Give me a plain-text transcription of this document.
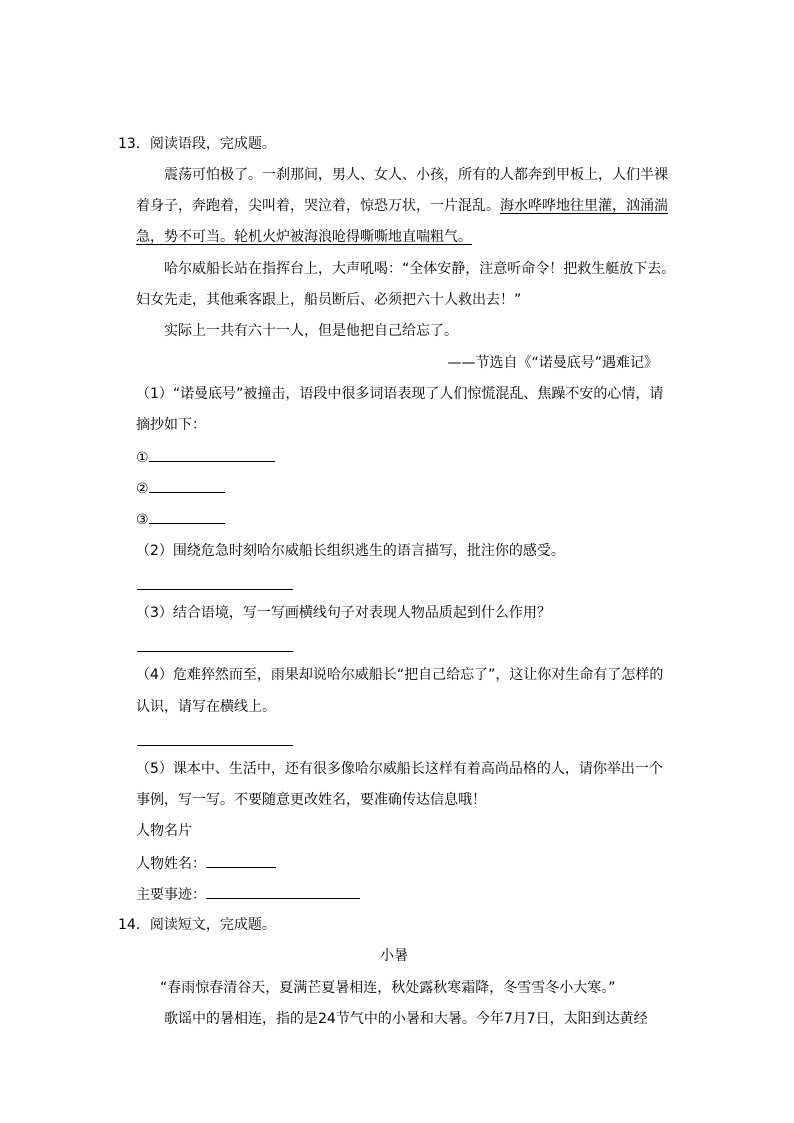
13．阅读语段，完成题。
震荡可怕极了。一刹那间，男人、女人、小孩，所有的人都奔到甲板上，人们半裸
着身子，奔跑着，尖叫着，哭泣着，惊恐万状，一片混乱。海水哗哗地往里灌，汹涌湍
急，势不可当。轮机火炉被海浪呛得嘶嘶地直喘粗气。
哈尔威船长站在指挥台上，大声吼喝：“全体安静，注意听命令！把救生艇放下去。
妇女先走，其他乘客跟上，船员断后、必须把六十人救出去！”
实际上一共有六十一人，但是他把自己给忘了。
——节选自《“诺曼底号”遇难记》
（1）“诺曼底号”被撞击，语段中很多词语表现了人们惊慌混乱、焦躁不安的心情，请
摘抄如下：
①
②
③
（2）围绕危急时刻哈尔威船长组织逃生的语言描写，批注你的感受。
（3）结合语境，写一写画横线句子对表现人物品质起到什么作用？
（4）危难猝然而至，雨果却说哈尔威船长“把自己给忘了”，这让你对生命有了怎样的
认识，请写在横线上。
（5）课本中、生活中，还有很多像哈尔威船长这样有着高尚品格的人，请你举出一个
事例，写一写。不要随意更改姓名，要准确传达信息哦！
人物名片
人物姓名：
主要事迹：
14．阅读短文，完成题。
小暑
“春雨惊春清谷天，夏满芒夏暑相连，秋处露秋寒霜降，冬雪雪冬小大寒。”
歌谣中的暑相连，指的是24节气中的小暑和大暑。今年7月7日，太阳到达黄经
